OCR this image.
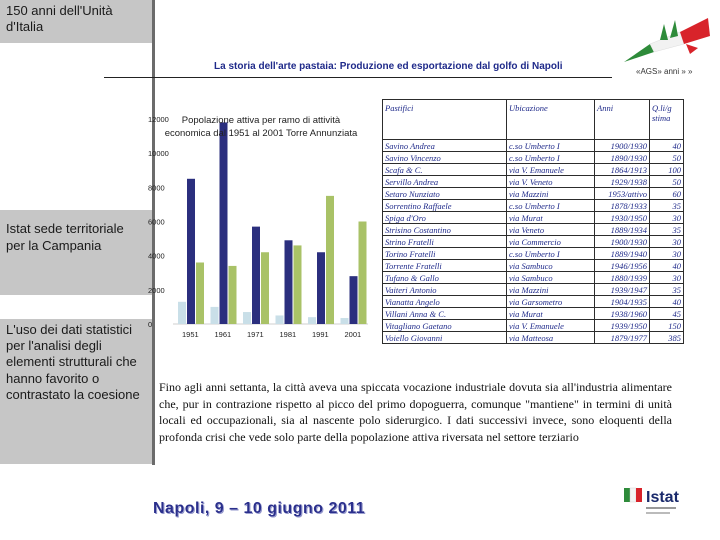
150 anni dell'Unità d'Italia
Istat sede territoriale per la Campania
L'uso dei dati statistici per l'analisi degli elementi strutturali che hanno favorito o contrastato la coesione
La storia dell'arte pastaia: Produzione ed esportazione dal golfo di Napoli	«AGS» anni » »
12000
10000
8000
6000
4000
2000
0
1951 1961 1971 1981 1991 2001
Popolazione attiva per ramo di attività economica dal 1951 al 2001 Torre Annunziata
Pastifici	Ubicazione	Anni	Q.li/g stima
Savino Andrea	c.so Umberto I	1900/1930	40
Savino Vincenzo	c.so Umberto I	1890/1930	50
Scafa & C.	via V. Emanuele	1864/1913	100
Servillo Andrea	via V. Veneto	1929/1938	50
Setaro Nunziato	via Mazzini	1953/attivo	60
Sorrentino Raffaele	c.so Umberto I	1878/1933	35
Spiga d'Oro	via Murat	1930/1950	30
Strisino Costantino	via Veneto	1889/1934	35
Strino Fratelli	via Commercio	1900/1930	30
Torino Fratelli	c.so Umberto I	1889/1940	30
Torrente Fratelli	via Sambuco	1946/1956	40
Tufano & Gallo	via Sambuco	1880/1939	30
Vaiteri Antonio	via Mazzini	1939/1947	35
Vianatta Angelo	via Garsometro	1904/1935	40
Villani Anna & C.	via Murat	1938/1960	45
Vitagliano Gaetano	via V. Emanuele	1939/1950	150
Voiello Giovanni	via Matteosa	1879/1977	385
Fino agli anni settanta, la città aveva una spiccata vocazione industriale dovuta sia all'industria alimentare che, pur in contrazione rispetto al picco del primo dopoguerra, comunque "mantiene" in termini di unità locali ed occupazionali, sia al nascente polo siderurgico. I dati successivi invece, sono eloquenti della profonda crisi che vede solo parte della popolazione attiva riversata nel settore terziario
Napoli, 9 – 10 giugno 2011
Istat
